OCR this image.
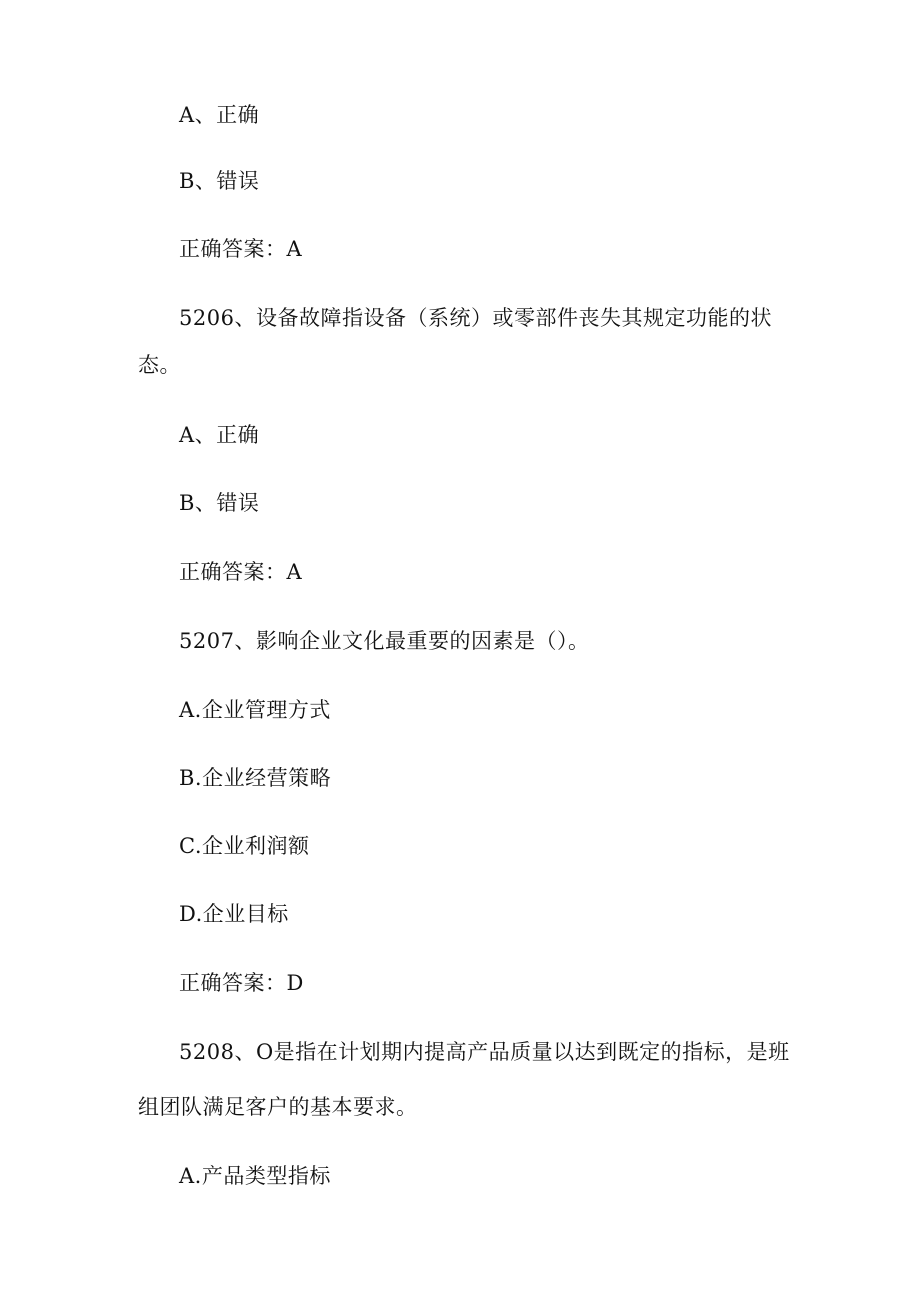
A、正确
B、错误
正确答案：A
5206、设备故障指设备（系统）或零部件丧失其规定功能的状
态。
A、正确
B、错误
正确答案：A
5207、影响企业文化最重要的因素是（）。
A.企业管理方式
B.企业经营策略
C.企业利润额
D.企业目标
正确答案：D
5208、O是指在计划期内提高产品质量以达到既定的指标，是班
组团队满足客户的基本要求。
A.产品类型指标
